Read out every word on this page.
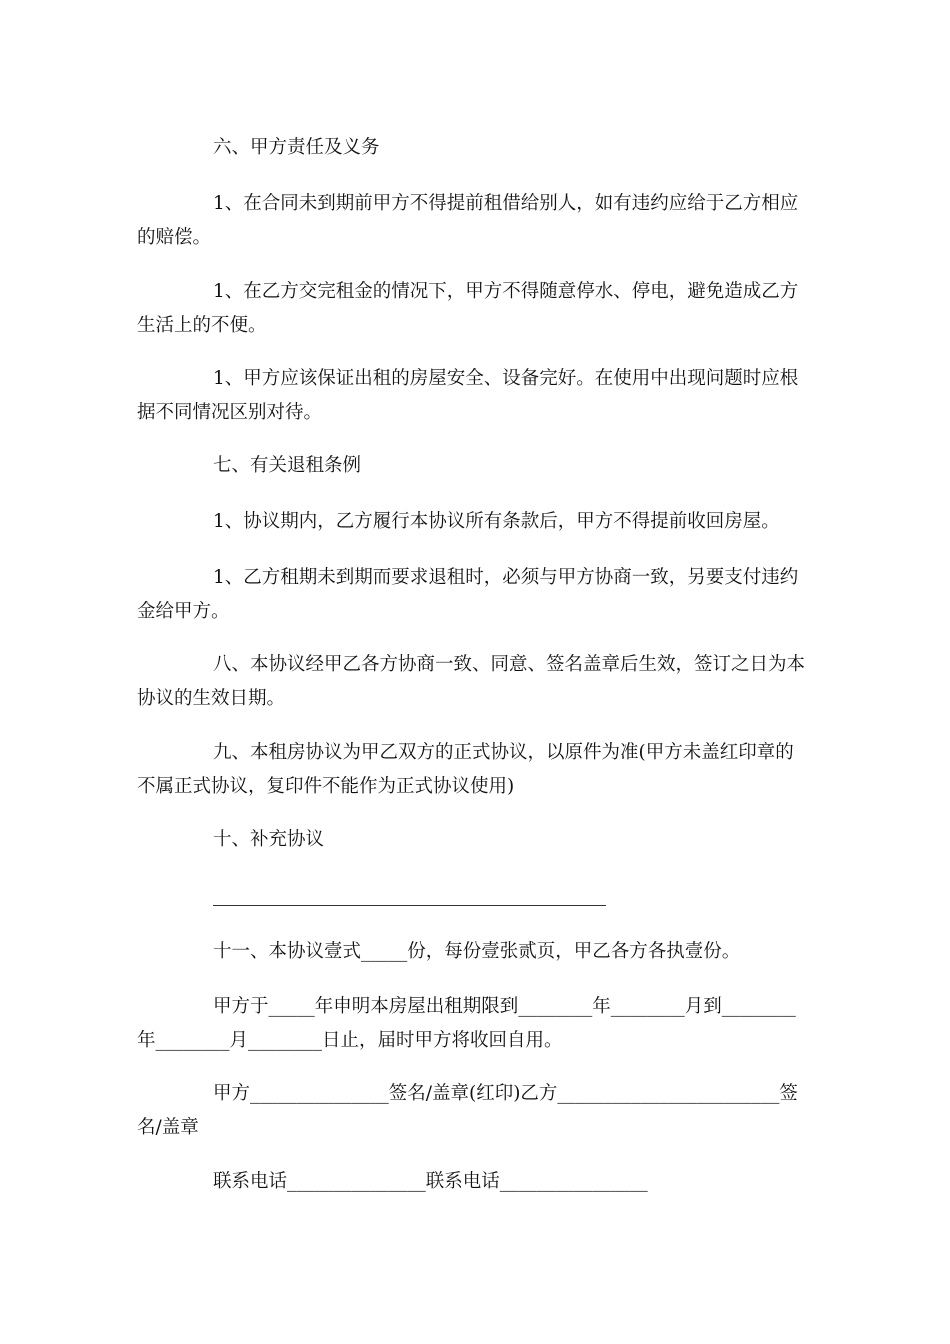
六、甲方责任及义务

1、在合同未到期前甲方不得提前租借给别人，如有违约应给于乙方相应的赔偿。

1、在乙方交完租金的情况下，甲方不得随意停水、停电，避免造成乙方生活上的不便。

1、甲方应该保证出租的房屋安全、设备完好。在使用中出现问题时应根据不同情况区别对待。

七、有关退租条例

1、协议期内，乙方履行本协议所有条款后，甲方不得提前收回房屋。

1、乙方租期未到期而要求退租时，必须与甲方协商一致，另要支付违约金给甲方。

八、本协议经甲乙各方协商一致、同意、签名盖章后生效，签订之日为本协议的生效日期。

九、本租房协议为甲乙双方的正式协议，以原件为准(甲方未盖红印章的不属正式协议，复印件不能作为正式协议使用)

十、补充协议

十一、本协议壹式_____份，每份壹张贰页，甲乙各方各执壹份。

甲方于_____年申明本房屋出租期限到________年________月到________年________月________日止，届时甲方将收回自用。

甲方_______________签名/盖章(红印)乙方________________________签名/盖章

联系电话_______________联系电话________________
